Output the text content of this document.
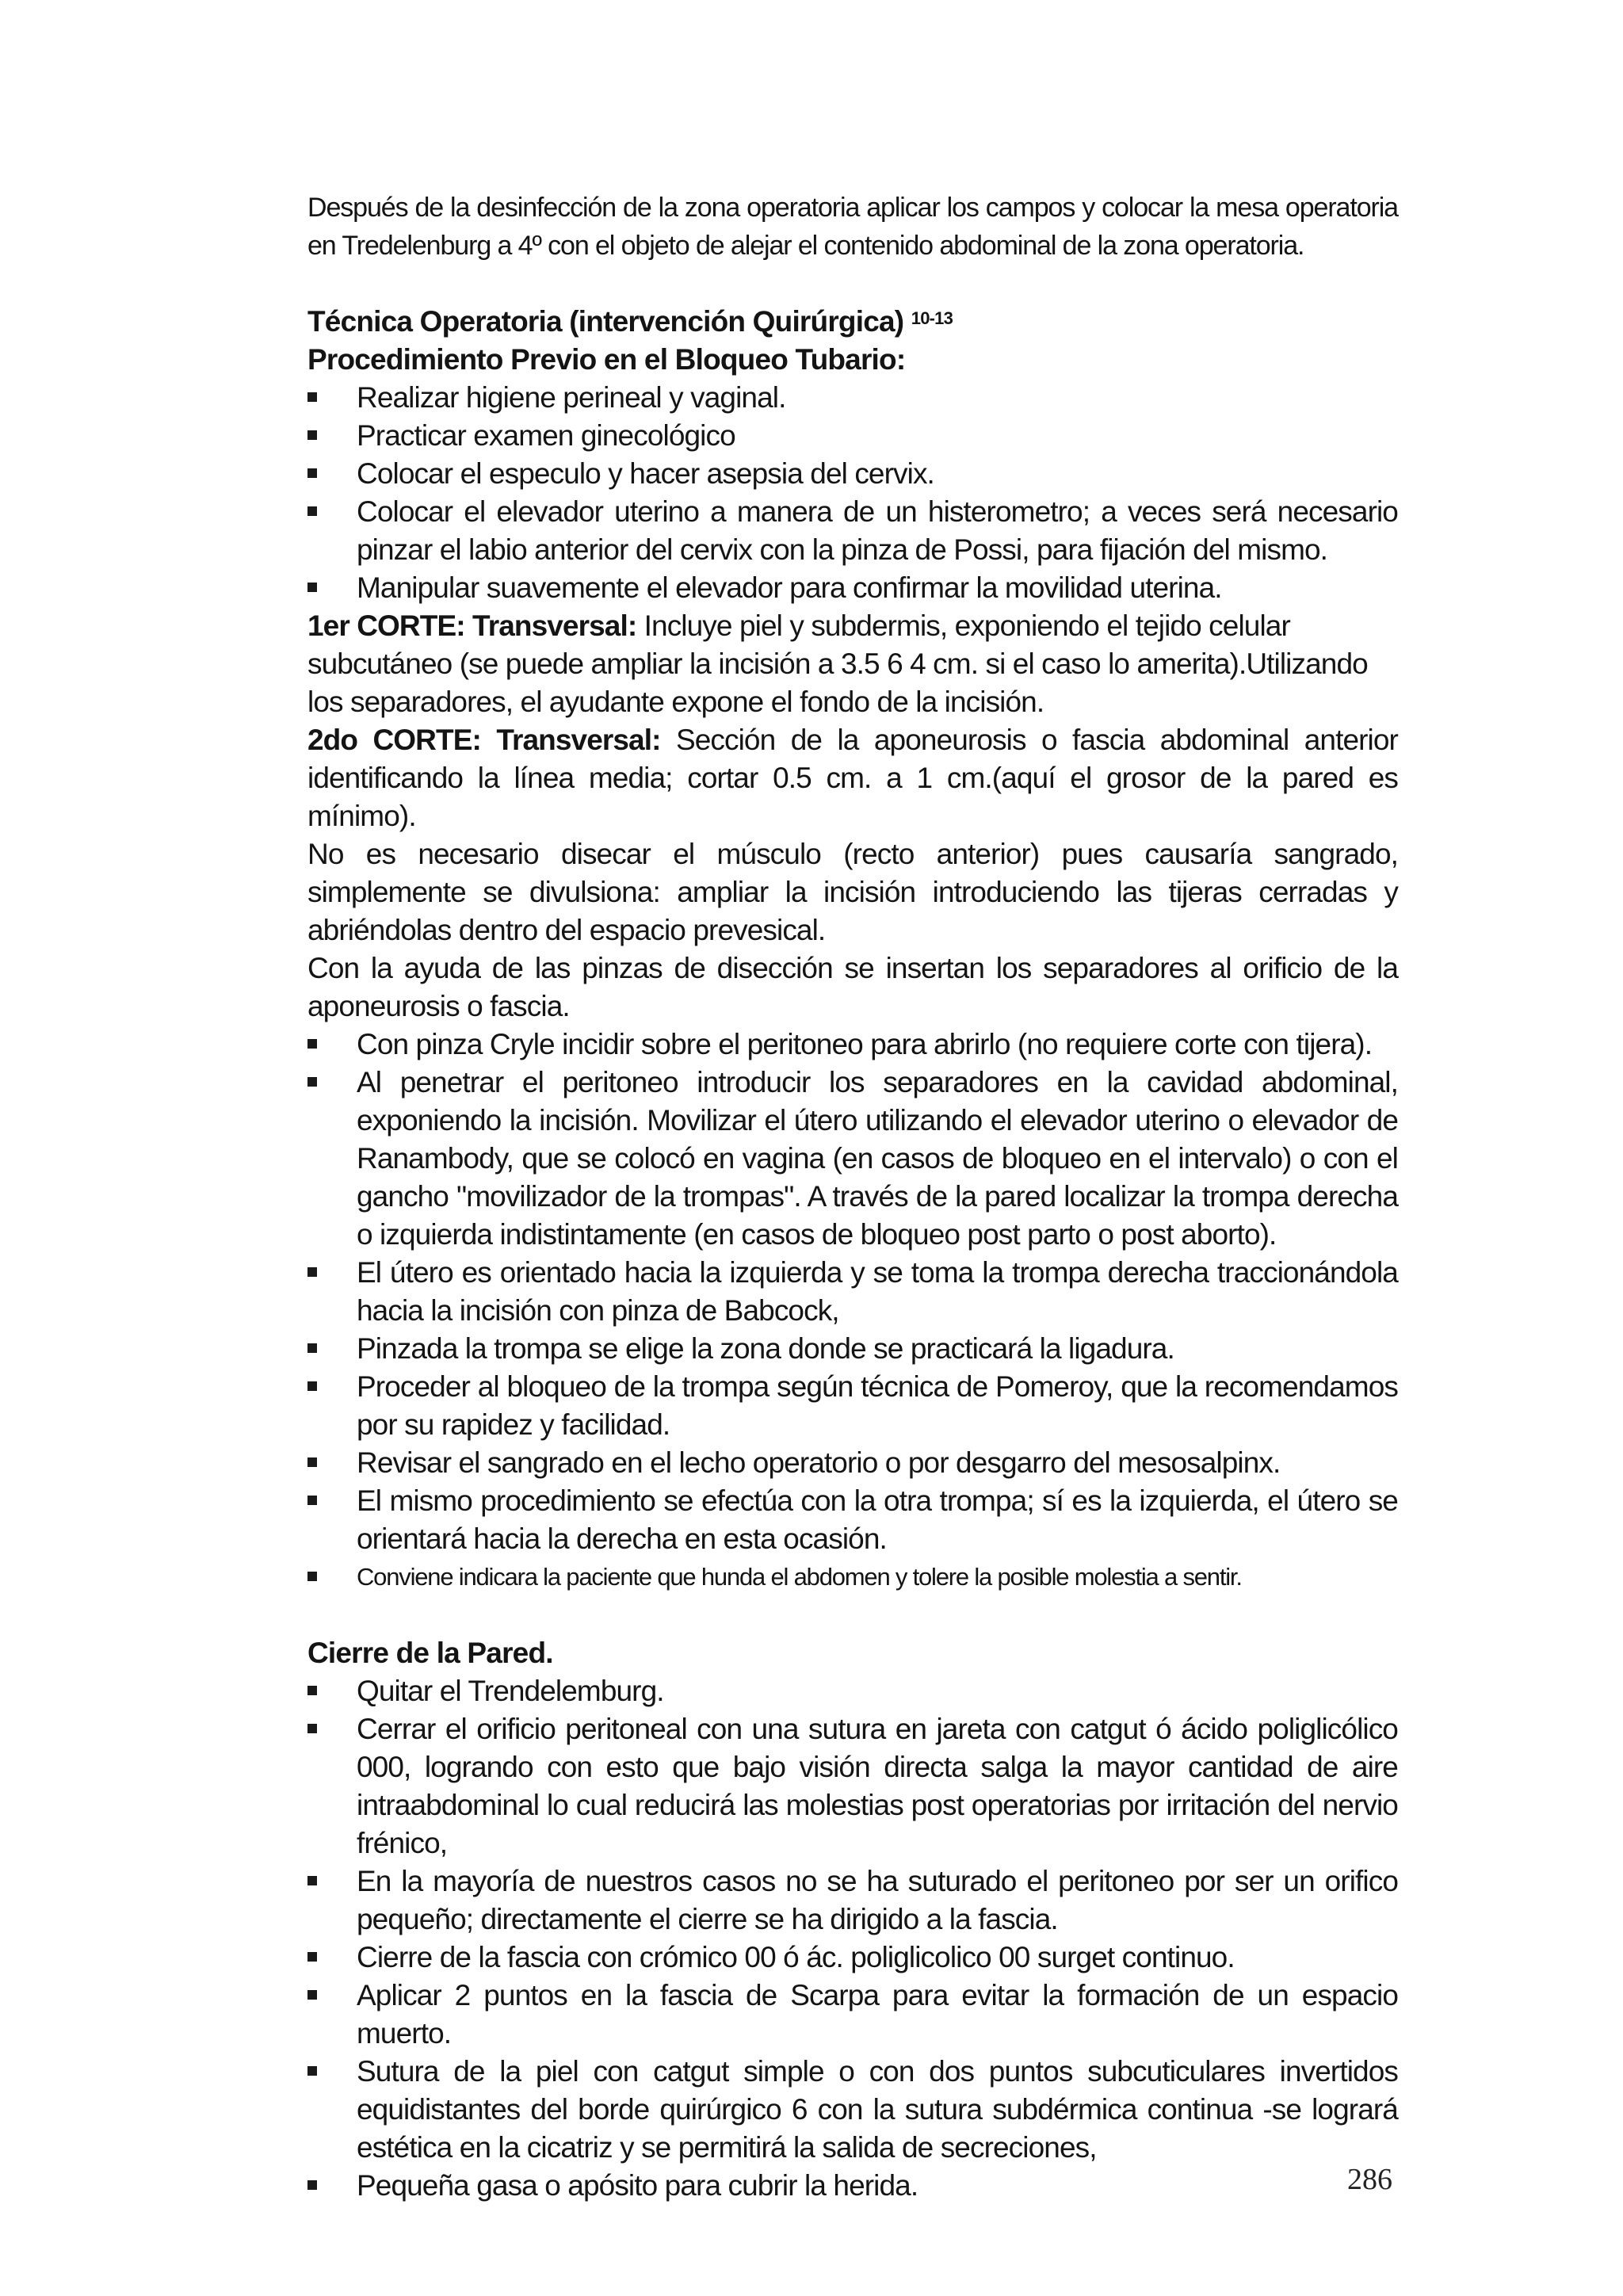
Después de la desinfección de la zona operatoria aplicar los campos y colocar la mesa operatoria en Tredelenburg a 4º con el objeto de alejar el contenido abdominal de la zona operatoria.

Técnica Operatoria (intervención Quirúrgica) $^{10-13}$

Procedimiento Previo en el Bloqueo Tubario:

Realizar higiene perineal y vaginal.
Practicar examen ginecológico
Colocar el especulo y hacer asepsia del cervix.
Colocar el elevador uterino a manera de un histerometro; a veces será necesario pinzar el labio anterior del cervix con la pinza de Possi, para fijación del mismo.
Manipular suavemente el elevador para confirmar la movilidad uterina.

1er CORTE: Transversal: Incluye piel y subdermis, exponiendo el tejido celular subcutáneo (se puede ampliar la incisión a 3.5 6 4 cm. si el caso lo amerita).Utilizando los separadores, el ayudante expone el fondo de la incisión.

2do CORTE: Transversal: Sección de la aponeurosis o fascia abdominal anterior identificando la línea media; cortar 0.5 cm. a 1 cm.(aquí el grosor de la pared es mínimo).

No es necesario disecar el músculo (recto anterior) pues causaría sangrado, simplemente se divulsiona: ampliar la incisión introduciendo las tijeras cerradas y abriéndolas dentro del espacio prevesical.

Con la ayuda de las pinzas de disección se insertan los separadores al orificio de la aponeurosis o fascia.

Con pinza Cryle incidir sobre el peritoneo para abrirlo (no requiere corte con tijera).
Al penetrar el peritoneo introducir los separadores en la cavidad abdominal, exponiendo la incisión. Movilizar el útero utilizando el elevador uterino o elevador de Ranambody, que se colocó en vagina (en casos de bloqueo en el intervalo) o con el gancho "movilizador de la trompas". A través de la pared localizar la trompa derecha o izquierda indistintamente (en casos de bloqueo post parto o post aborto).
El útero es orientado hacia la izquierda y se toma la trompa derecha traccionándola hacia la incisión con pinza de Babcock,
Pinzada la trompa se elige la zona donde se practicará la ligadura.
Proceder al bloqueo de la trompa según técnica de Pomeroy, que la recomendamos por su rapidez y facilidad.
Revisar el sangrado en el lecho operatorio o por desgarro del mesosalpinx.
El mismo procedimiento se efectúa con la otra trompa; sí es la izquierda, el útero se orientará hacia la derecha en esta ocasión.
Conviene indicara la paciente que hunda el abdomen y tolere la posible molestia a sentir.

Cierre de la Pared.

Quitar el Trendelemburg.
Cerrar el orificio peritoneal con una sutura en jareta con catgut ó ácido poliglicólico 000, logrando con esto que bajo visión directa salga la mayor cantidad de aire intraabdominal lo cual reducirá las molestias post operatorias por irritación del nervio frénico,
En la mayoría de nuestros casos no se ha suturado el peritoneo por ser un orifico pequeño; directamente el cierre se ha dirigido a la fascia.
Cierre de la fascia con crómico 00 ó ác. poliglicolico 00 surget continuo.
Aplicar 2 puntos en la fascia de Scarpa para evitar la formación de un espacio muerto.
Sutura de la piel con catgut simple o con dos puntos subcuticulares invertidos equidistantes del borde quirúrgico 6 con la sutura subdérmica continua -se logrará estética en la cicatriz y se permitirá la salida de secreciones,
Pequeña gasa o apósito para cubrir la herida.	286
